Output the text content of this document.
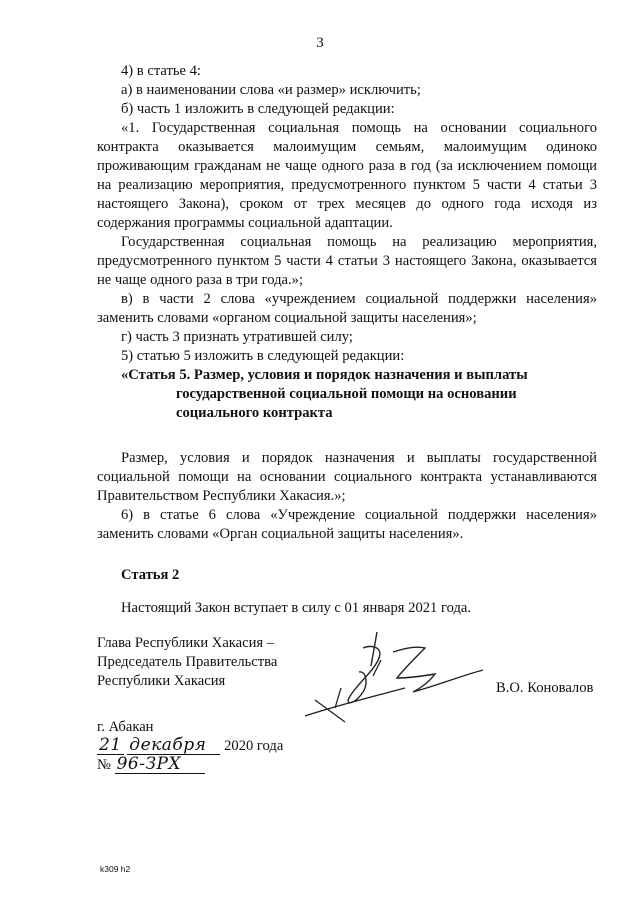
3

4) в статье 4:

а) в наименовании слова «и размер» исключить;

б) часть 1 изложить в следующей редакции:

«1. Государственная социальная помощь на основании социального контракта оказывается малоимущим семьям, малоимущим одиноко проживающим гражданам не чаще одного раза в год (за исключением помощи на реализацию мероприятия, предусмотренного пунктом 5 части 4 статьи 3 настоящего Закона), сроком от трех месяцев до одного года исходя из содержания программы социальной адаптации.

Государственная социальная помощь на реализацию мероприятия, предусмотренного пунктом 5 части 4 статьи 3 настоящего Закона, оказывается не чаще одного раза в три года.»;

в) в части 2 слова «учреждением социальной поддержки населения» заменить словами «органом социальной защиты населения»;

г) часть 3 признать утратившей силу;

5) статью 5 изложить в следующей редакции:

«Статья 5. Размер, условия и порядок назначения и выплаты
государственной социальной помощи на основании
социального контракта

Размер, условия и порядок назначения и выплаты государственной социальной помощи на основании социального контракта устанавливаются Правительством Республики Хакасия.»;

6) в статье 6 слова «Учреждение социальной поддержки населения» заменить словами «Орган социальной защиты населения».

Статья 2

Настоящий Закон вступает в силу с 01 января 2021 года.

Глава Республики Хакасия –
Председатель Правительства
Республики Хакасия	В.О. Коновалов
г. Абакан
21 декабря 2020 года
№ 96-ЗРХ
k309 h2
